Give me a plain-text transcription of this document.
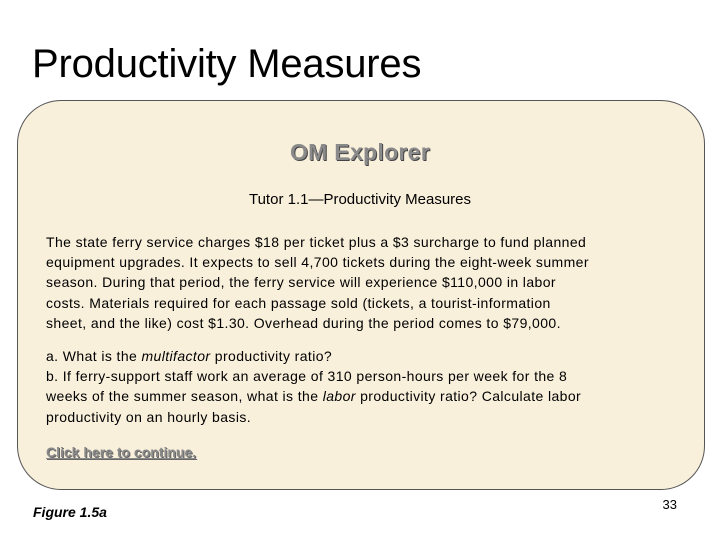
Productivity Measures
OM Explorer
Tutor 1.1—Productivity Measures

The state ferry service charges $18 per ticket plus a $3 surcharge to fund planned
equipment upgrades. It expects to sell 4,700 tickets during the eight-week summer
season. During that period, the ferry service will experience $110,000 in labor
costs. Materials required for each passage sold (tickets, a tourist-information
sheet, and the like) cost $1.30. Overhead during the period comes to $79,000.

a. What is the multifactor productivity ratio?
b. If ferry-support staff work an average of 310 person-hours per week for the 8
weeks of the summer season, what is the labor productivity ratio? Calculate labor
productivity on an hourly basis.

Click here to continue.
Figure 1.5a	33
